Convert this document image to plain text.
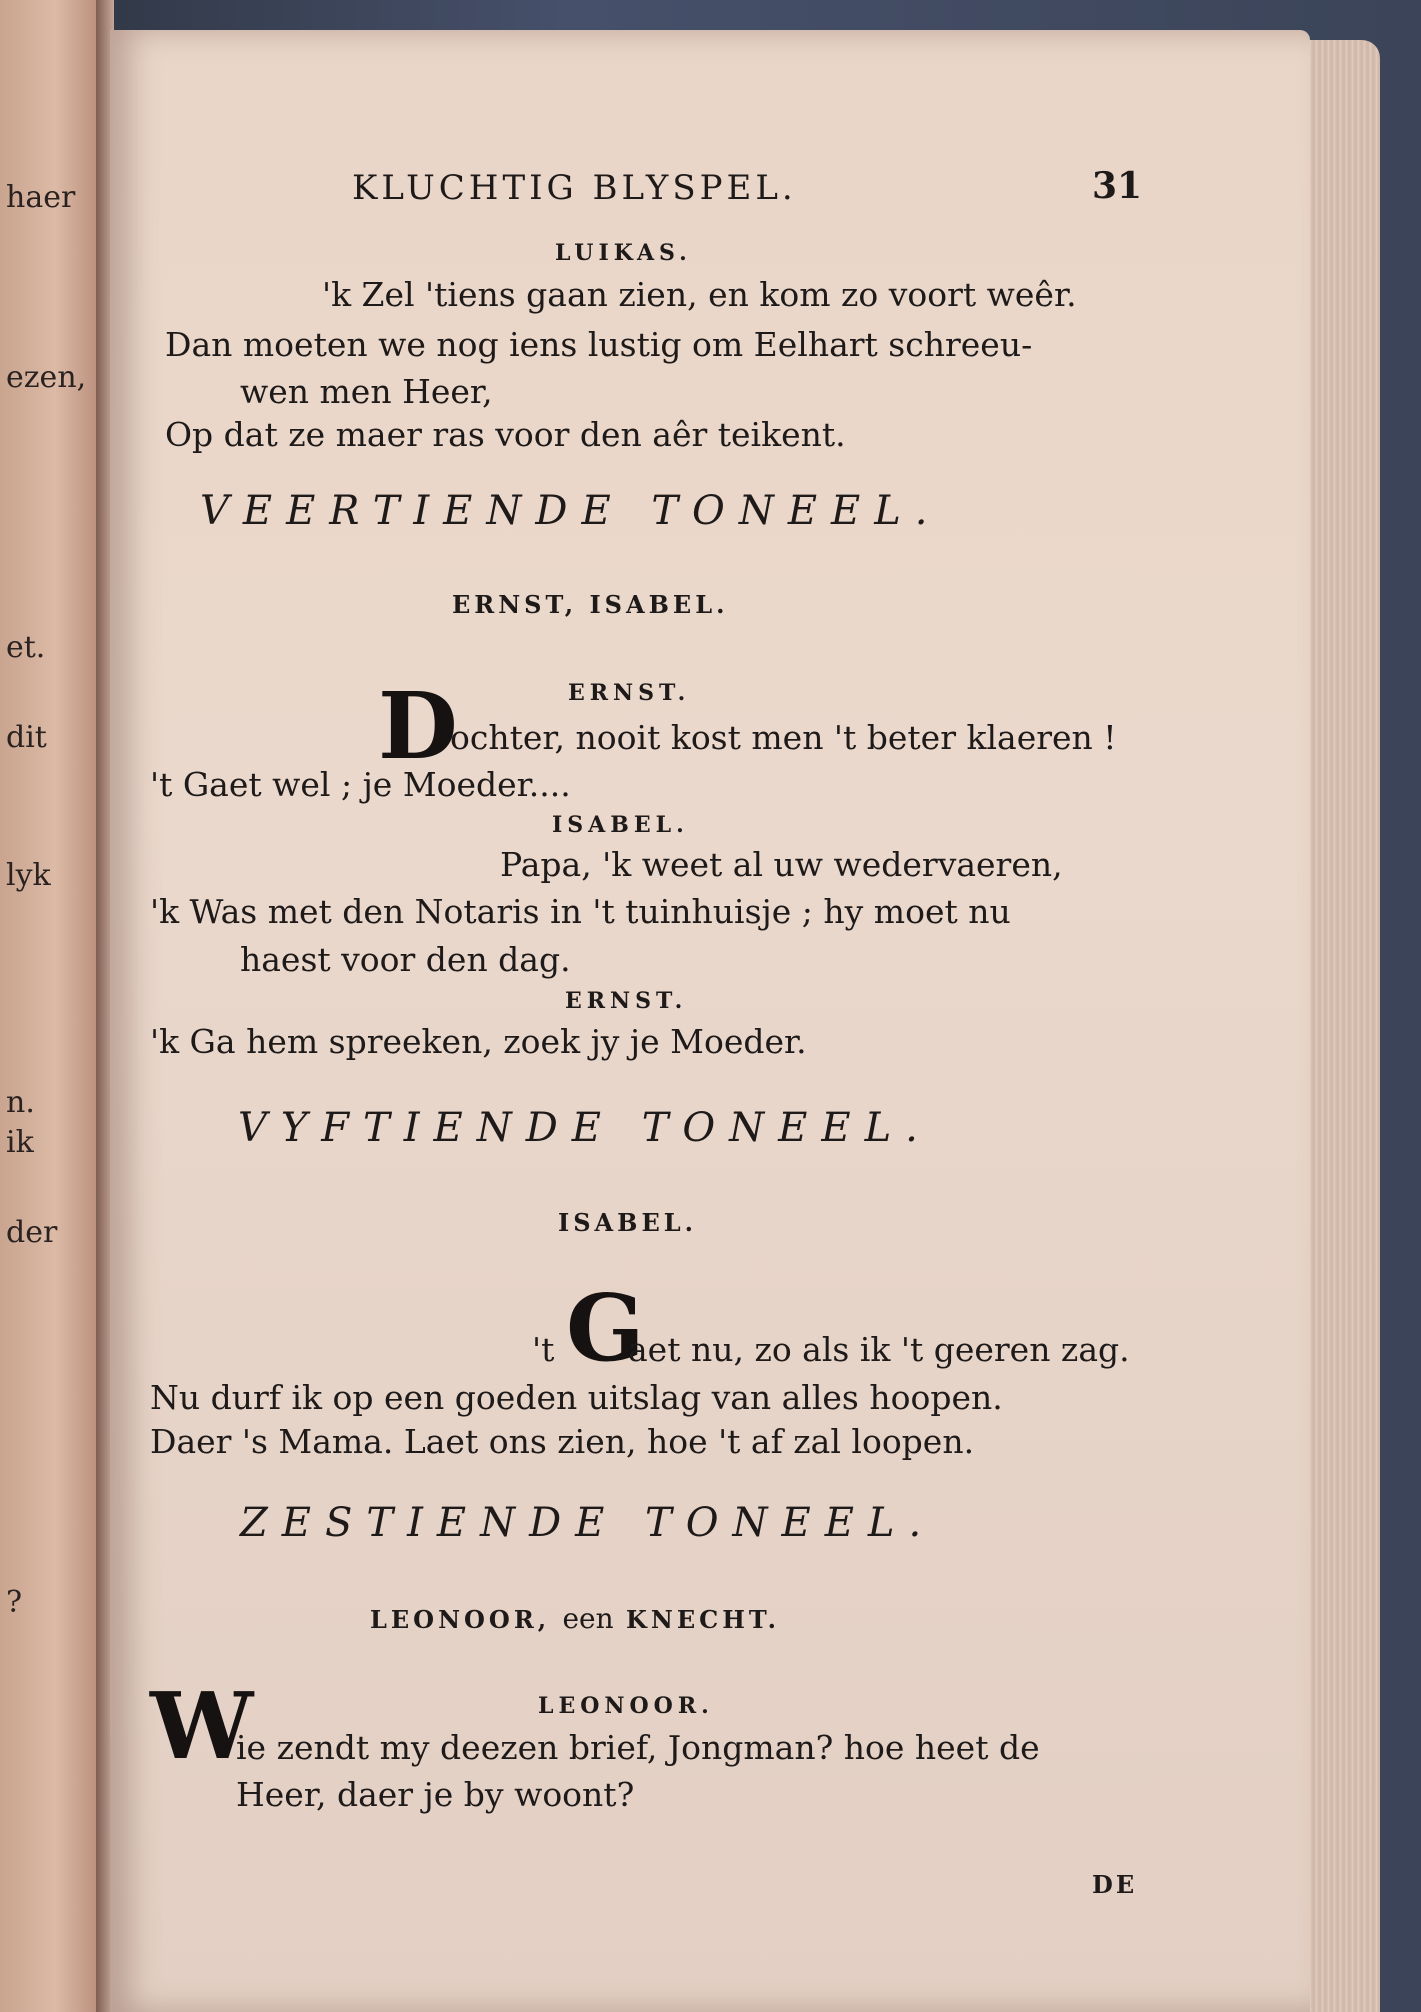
haer
ezen,
et.
dit
lyk
n.
ik
der
?
KLUCHTIG BLYSPEL.	31
LUIKAS.
'k Zel 'tiens gaan zien, en kom zo voort weêr.
Dan moeten we nog iens lustig om Eelhart schreeu-
wen men Heer,
Op dat ze maer ras voor den aêr teikent.
VEERTIENDE TONEEL.
ERNST, ISABEL.
ERNST.
D
ochter, nooit kost men 't beter klaeren !
't Gaet wel ; je Moeder....
ISABEL.
Papa, 'k weet al uw wedervaeren,
'k Was met den Notaris in 't tuinhuisje ; hy moet nu
haest voor den dag.
ERNST.
'k Ga hem spreeken, zoek jy je Moeder.
VYFTIENDE TONEEL.
ISABEL.
't G
aet nu, zo als ik 't geeren zag.
Nu durf ik op een goeden uitslag van alles hoopen.
Daer 's Mama. Laet ons zien, hoe 't af zal loopen.
ZESTIENDE TONEEL.
LEONOOR, een KNECHT.
LEONOOR.
W
ie zendt my deezen brief, Jongman? hoe heet de
Heer, daer je by woont?
DE
